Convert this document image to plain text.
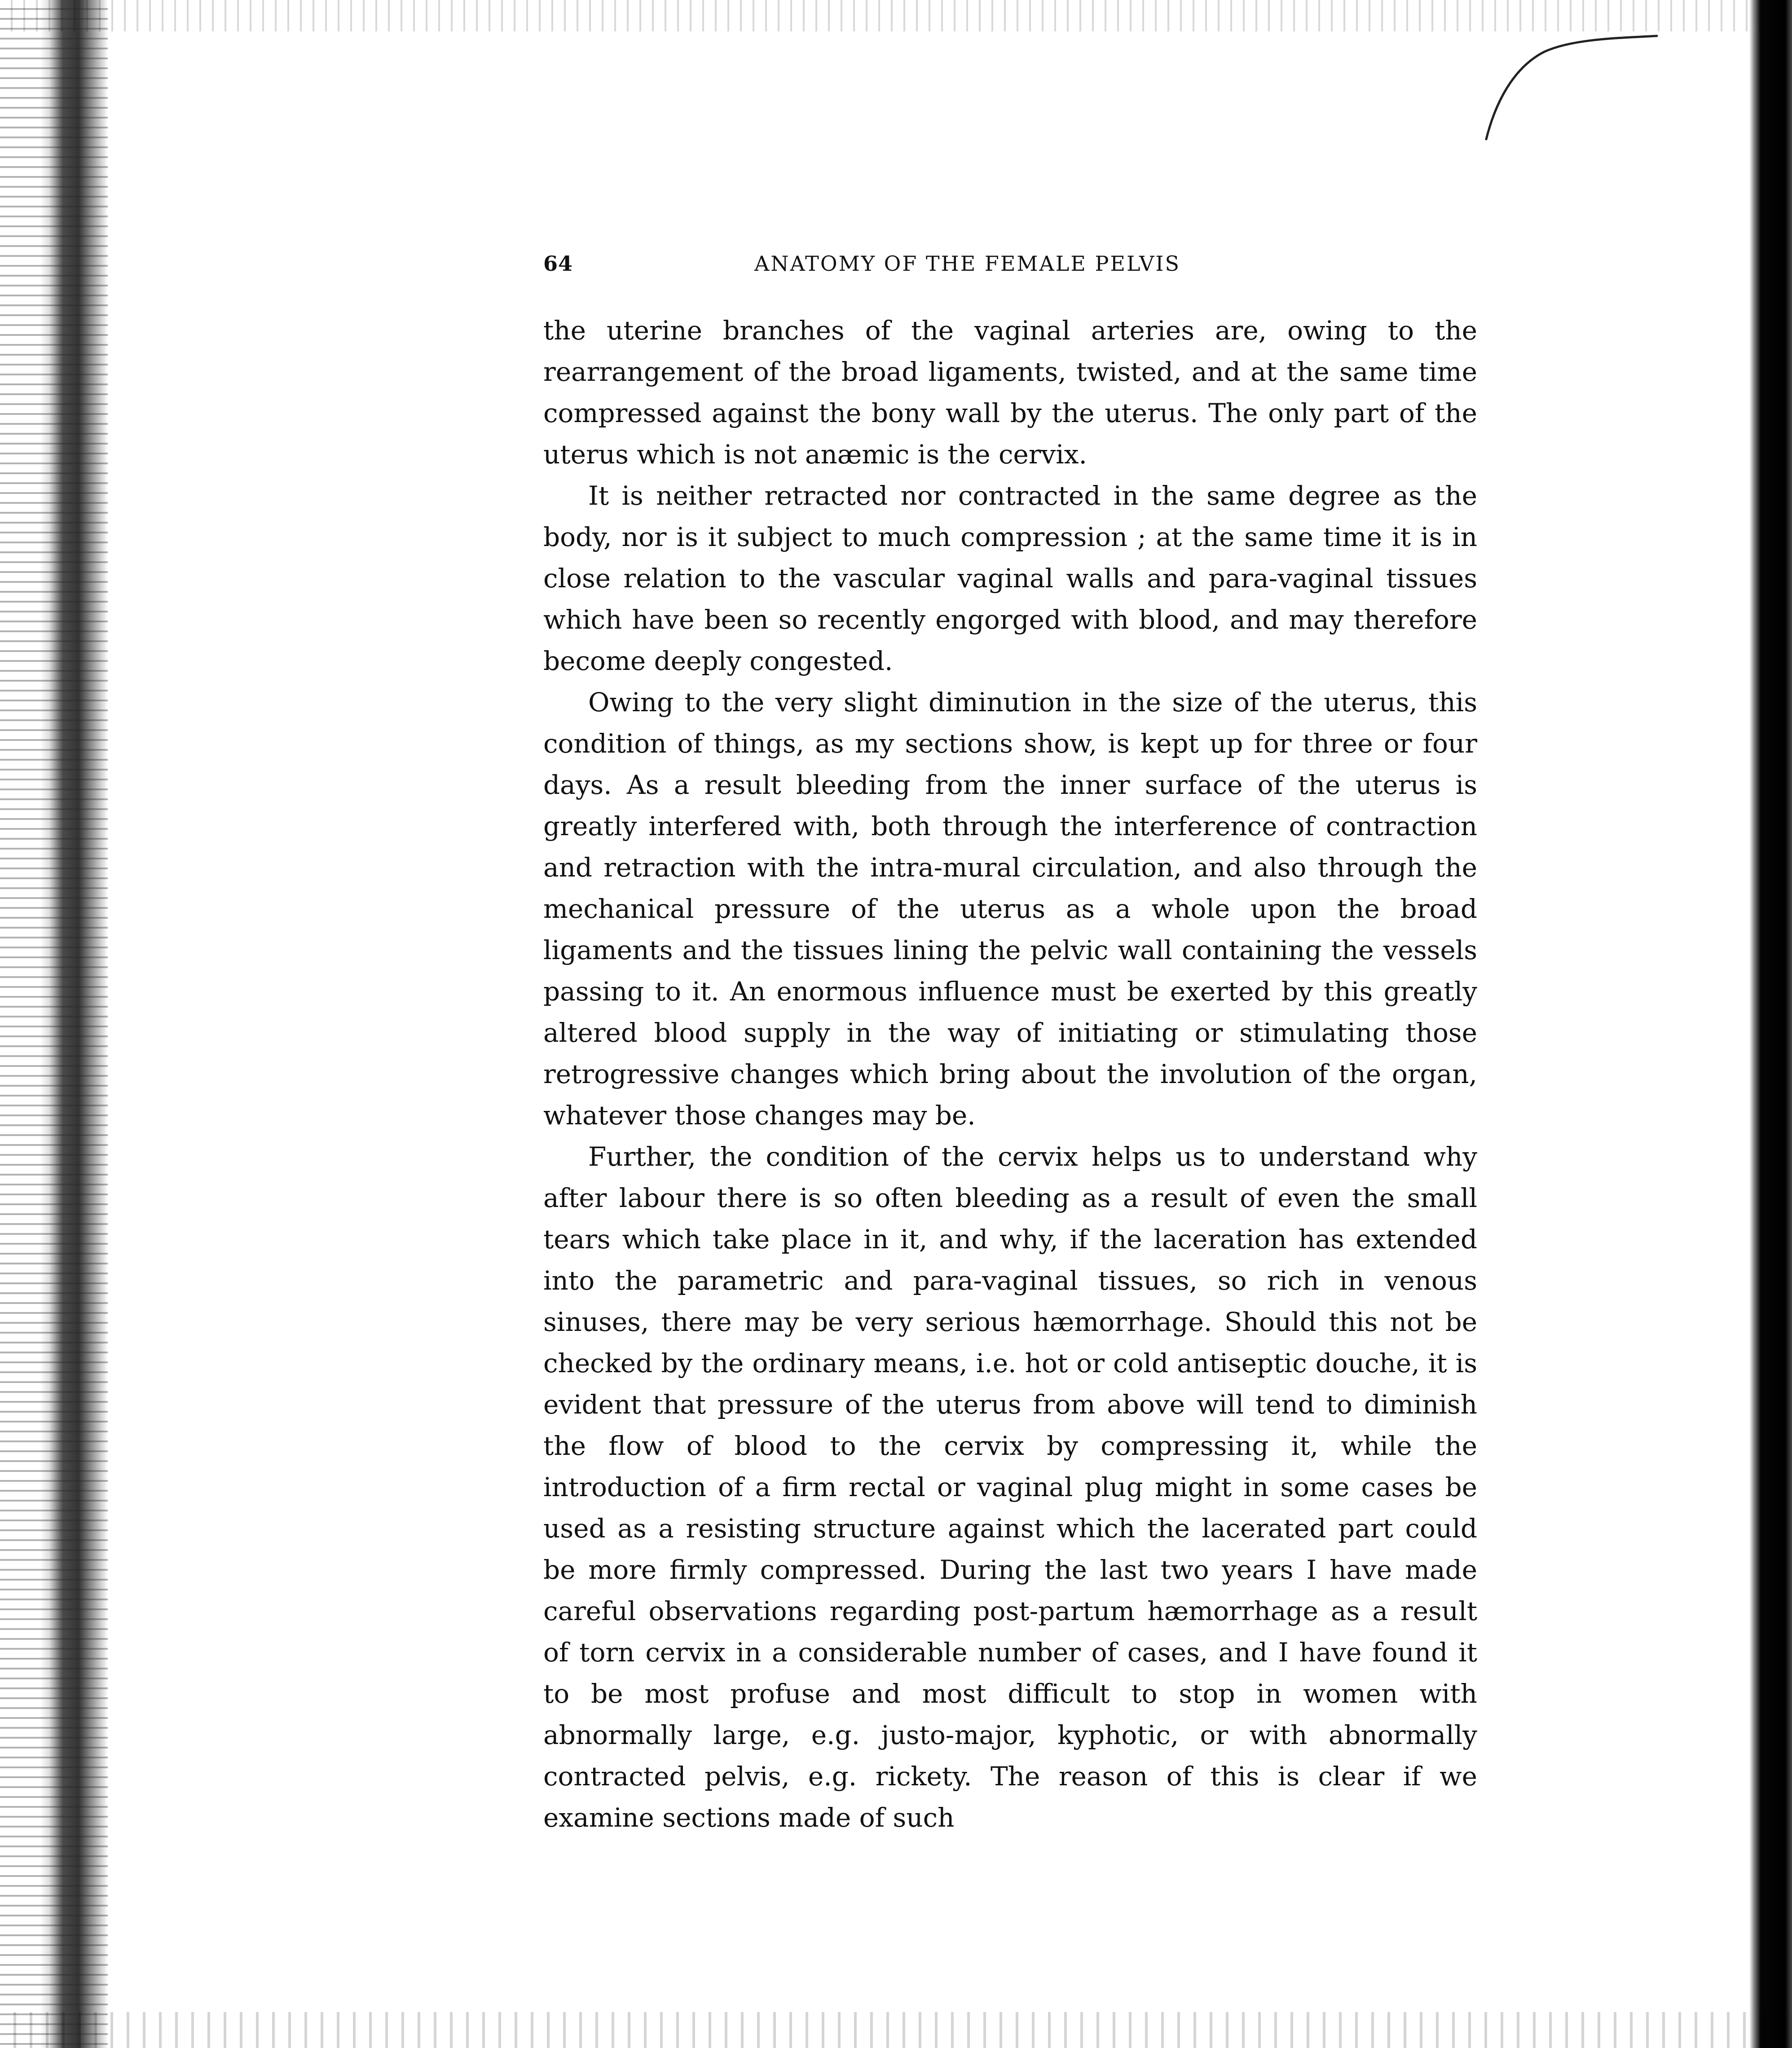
64	ANATOMY OF THE FEMALE PELVIS

the uterine branches of the vaginal arteries are, owing to the rearrangement of the broad ligaments, twisted, and at the same time compressed against the bony wall by the uterus. The only part of the uterus which is not anæmic is the cervix.

It is neither retracted nor contracted in the same degree as the body, nor is it subject to much compression ; at the same time it is in close relation to the vascular vaginal walls and para-vaginal tissues which have been so recently engorged with blood, and may therefore become deeply congested.

Owing to the very slight diminution in the size of the uterus, this condition of things, as my sections show, is kept up for three or four days. As a result bleeding from the inner surface of the uterus is greatly interfered with, both through the interference of contraction and retraction with the intra-mural circulation, and also through the mechanical pressure of the uterus as a whole upon the broad ligaments and the tissues lining the pelvic wall containing the vessels passing to it. An enormous influence must be exerted by this greatly altered blood supply in the way of initiating or stimulating those retrogressive changes which bring about the involution of the organ, whatever those changes may be.

Further, the condition of the cervix helps us to understand why after labour there is so often bleeding as a result of even the small tears which take place in it, and why, if the laceration has extended into the parametric and para-vaginal tissues, so rich in venous sinuses, there may be very serious hæmorrhage. Should this not be checked by the ordinary means, i.e. hot or cold antiseptic douche, it is evident that pressure of the uterus from above will tend to diminish the flow of blood to the cervix by compressing it, while the introduction of a firm rectal or vaginal plug might in some cases be used as a resisting structure against which the lacerated part could be more firmly compressed. During the last two years I have made careful observations regarding post-partum hæmorrhage as a result of torn cervix in a considerable number of cases, and I have found it to be most profuse and most difficult to stop in women with abnormally large, e.g. justo-major, kyphotic, or with abnormally contracted pelvis, e.g. rickety. The reason of this is clear if we examine sections made of such
